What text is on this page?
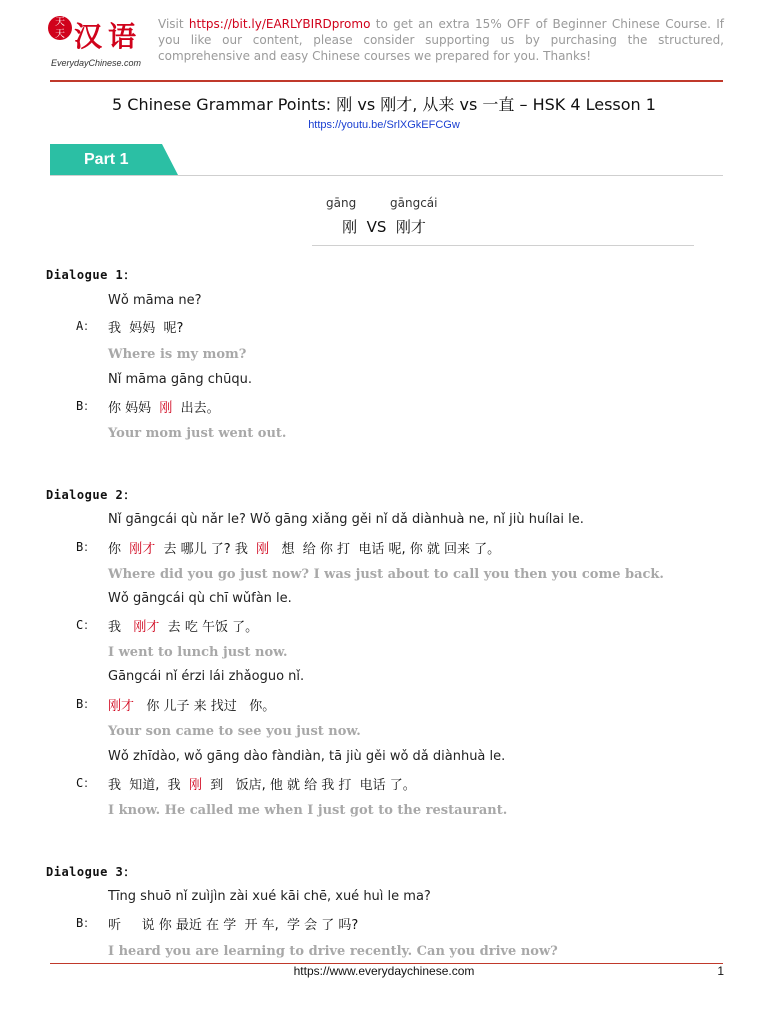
天
天 汉 语
EverydayChinese.com
Visit https://bit.ly/EARLYBIRDpromo to get an extra 15% OFF of Beginner Chinese Course. If you like our content, please consider supporting us by purchasing the structured, comprehensive and easy Chinese courses we prepared for you. Thanks!
5 Chinese Grammar Points: 刚 vs 刚才, 从来 vs 一直 – HSK 4 Lesson 1
https://youtu.be/SrlXGkEFCGw
Part 1
gāng	gāngcái
刚  VS  刚才
Dialogue 1：
Wǒ māma ne?
A： 我  妈妈  呢?
Where is my mom?
Nǐ māma gāng chūqu.
B： 你 妈妈  刚  出去。
Your mom just went out.
Dialogue 2：
Nǐ gāngcái qù nǎr le? Wǒ gāng xiǎng gěi nǐ dǎ diànhuà ne, nǐ jiù huílai le.
B： 你  刚才  去 哪儿 了? 我  刚   想  给 你 打  电话 呢, 你 就 回来 了。
Where did you go just now? I was just about to call you then you come back.
Wǒ gāngcái qù chī wǔfàn le.
C： 我   刚才  去 吃 午饭 了。
I went to lunch just now.
Gāngcái nǐ érzi lái zhǎoguo nǐ.
B： 刚才   你 儿子 来 找过   你。
Your son came to see you just now.
Wǒ zhīdào, wǒ gāng dào fàndiàn, tā jiù gěi wǒ dǎ diànhuà le.
C： 我  知道,  我  刚  到   饭店, 他 就 给 我 打  电话 了。
I know. He called me when I just got to the restaurant.
Dialogue 3：
Tīng shuō nǐ zuìjìn zài xué kāi chē, xué huì le ma?
B： 听     说 你 最近 在 学  开 车,  学 会 了 吗?
I heard you are learning to drive recently. Can you drive now?
https://www.everydaychinese.com	1
